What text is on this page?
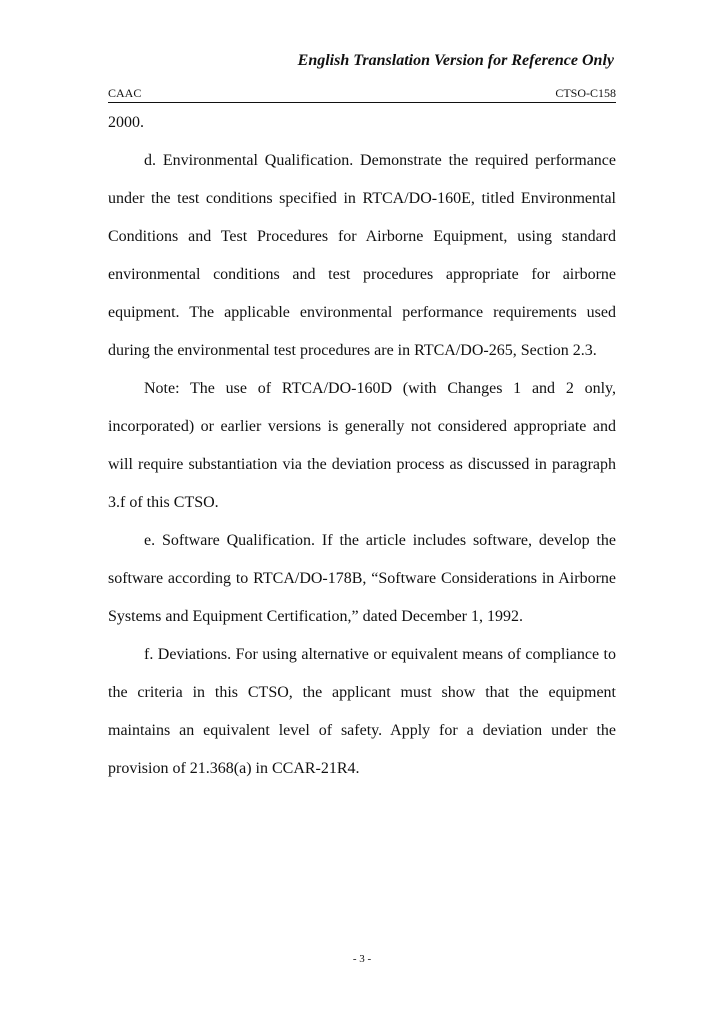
English Translation Version for Reference Only
CAAC	CTSO-C158

2000.

d. Environmental Qualification. Demonstrate the required performance under the test conditions specified in RTCA/DO-160E, titled Environmental Conditions and Test Procedures for Airborne Equipment, using standard environmental conditions and test procedures appropriate for airborne equipment. The applicable environmental performance requirements used during the environmental test procedures are in RTCA/DO-265, Section 2.3.

Note: The use of RTCA/DO-160D (with Changes 1 and 2 only, incorporated) or earlier versions is generally not considered appropriate and will require substantiation via the deviation process as discussed in paragraph 3.f of this CTSO.

e. Software Qualification. If the article includes software, develop the software according to RTCA/DO-178B, “Software Considerations in Airborne Systems and Equipment Certification,” dated December 1, 1992.

f. Deviations. For using alternative or equivalent means of compliance to the criteria in this CTSO, the applicant must show that the equipment maintains an equivalent level of safety. Apply for a deviation under the provision of 21.368(a) in CCAR-21R4.

- 3 -
